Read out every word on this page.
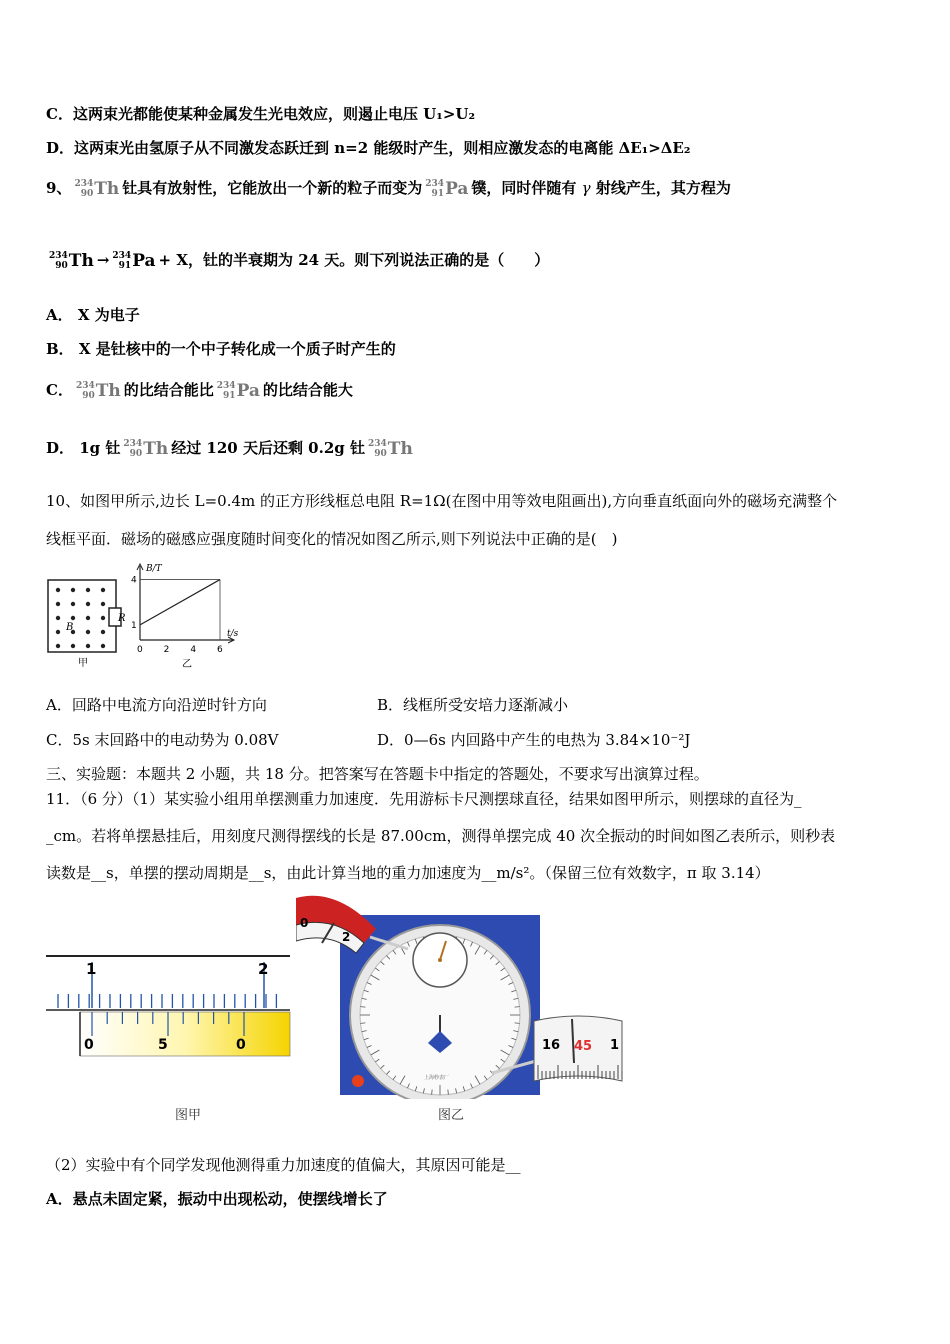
C．这两束光都能使某种金属发生光电效应，则遏止电压 U₁>U₂
D．这两束光由氢原子从不同激发态跃迁到 n=2 能级时产生，则相应激发态的电离能 ΔE₁>ΔE₂
9、 234
90 Th 钍具有放射性，它能放出一个新的粒子而变为 234
91 Pa 镤，同时伴随有 γ 射线产生，其方程为
234
90 Th → 234
91 Pa + X，钍的半衰期为 24 天。则下列说法正确的是（　　）
A． X 为电子
B． X 是钍核中的一个中子转化成一个质子时产生的
C． 234
90 Th 的比结合能比 234
91 Pa 的比结合能大
D． 1g 钍 234
90 Th 经过 120 天后还剩 0.2g 钍 234
90 Th
10、如图甲所示,边长 L=0.4m 的正方形线框总电阻 R=1Ω(在图中用等效电阻画出),方向垂直纸面向外的磁场充满整个
线框平面．磁场的磁感应强度随时间变化的情况如图乙所示,则下列说法中正确的是(　)
R
B
甲
B/T
t/s
0 2 4 6
4
1
乙
A．回路中电流方向沿逆时针方向	B．线框所受安培力逐渐减小
C．5s 末回路中的电动势为 0.08V	D．0—6s 内回路中产生的电热为 3.84×10⁻²J
三、实验题：本题共 2 小题，共 18 分。把答案写在答题卡中指定的答题处，不要求写出演算过程。
11．（6 分）（1）某实验小组用单摆测重力加速度．先用游标卡尺测摆球直径，结果如图甲所示，则摆球的直径为_
_cm。若将单摆悬挂后，用刻度尺测得摆线的长是 87.00cm，测得单摆完成 40 次全振动的时间如图乙表所示，则秒表
读数是__s，单摆的摆动周期是__s，由此计算当地的重力加速度为__m/s²。（保留三位有效数字，π 取 3.14）
1	2
0	5	0
图甲
上海秒表厂
0
2
16 45 1
图乙
（2）实验中有个同学发现他测得重力加速度的值偏大，其原因可能是__
A．悬点未固定紧，振动中出现松动，使摆线增长了
